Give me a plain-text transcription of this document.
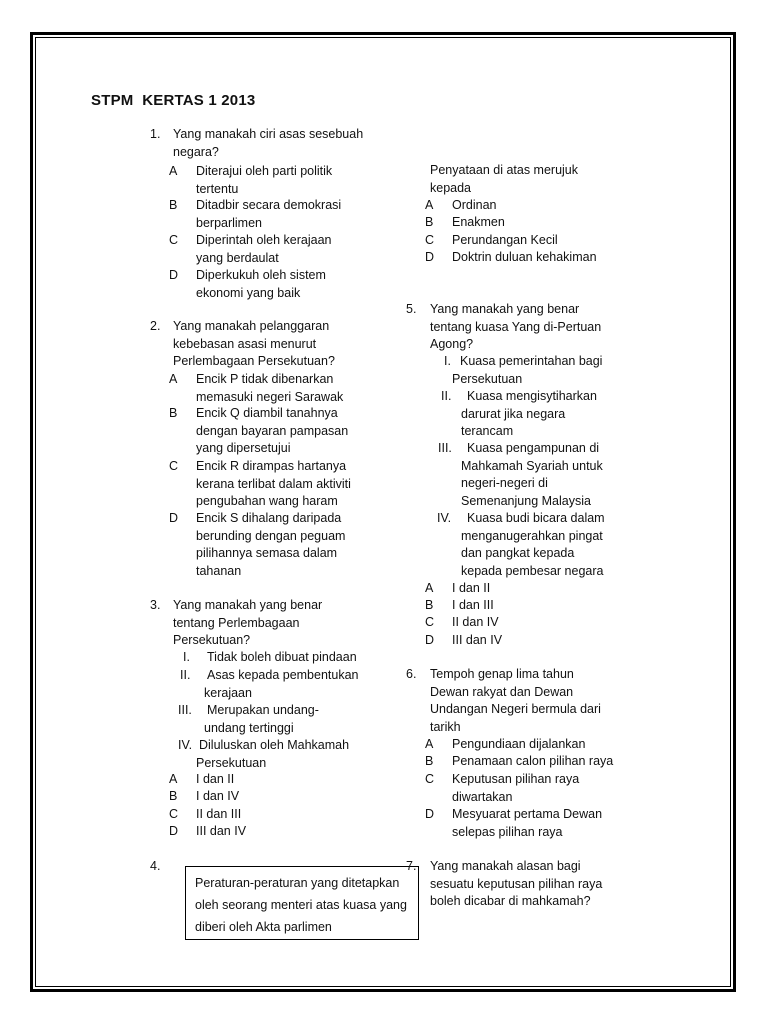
STPM  KERTAS 1 2013
1. Yang manakah ciri asas sesebuah
negara?
A Diterajui oleh parti politik
tertentu
B Ditadbir secara demokrasi
berparlimen
C Diperintah oleh kerajaan
yang berdaulat
D Diperkukuh oleh sistem
ekonomi yang baik
2. Yang manakah pelanggaran
kebebasan asasi menurut
Perlembagaan Persekutuan?
A Encik P tidak dibenarkan
memasuki negeri Sarawak
B Encik Q diambil tanahnya
dengan bayaran pampasan
yang dipersetujui
C Encik R dirampas hartanya
kerana terlibat dalam aktiviti
pengubahan wang haram
D Encik S dihalang daripada
berunding dengan peguam
pilihannya semasa dalam
tahanan
3. Yang manakah yang benar
tentang Perlembagaan
Persekutuan?
I. Tidak boleh dibuat pindaan
II. Asas kepada pembentukan
kerajaan
III. Merupakan undang-
undang tertinggi
IV. Diluluskan oleh Mahkamah
Persekutuan
A I dan II
B I dan IV
C II dan III
D III dan IV
4.
Peraturan-peraturan yang ditetapkan
oleh seorang menteri atas kuasa yang
diberi oleh Akta parlimen
Penyataan di atas merujuk
kepada
A Ordinan
B Enakmen
C Perundangan Kecil
D Doktrin duluan kehakiman
5. Yang manakah yang benar
tentang kuasa Yang di-Pertuan
Agong?
I. Kuasa pemerintahan bagi
Persekutuan
II. Kuasa mengisytiharkan
darurat jika negara
terancam
III. Kuasa pengampunan di
Mahkamah Syariah untuk
negeri-negeri di
Semenanjung Malaysia
IV. Kuasa budi bicara dalam
menganugerahkan pingat
dan pangkat kepada
kepada pembesar negara
A I dan II
B I dan III
C II dan IV
D III dan IV
6. Tempoh genap lima tahun
Dewan rakyat dan Dewan
Undangan Negeri bermula dari
tarikh
A Pengundiaan dijalankan
B Penamaan calon pilihan raya
C Keputusan pilihan raya
diwartakan
D Mesyuarat pertama Dewan
selepas pilihan raya
7. Yang manakah alasan bagi
sesuatu keputusan pilihan raya
boleh dicabar di mahkamah?
